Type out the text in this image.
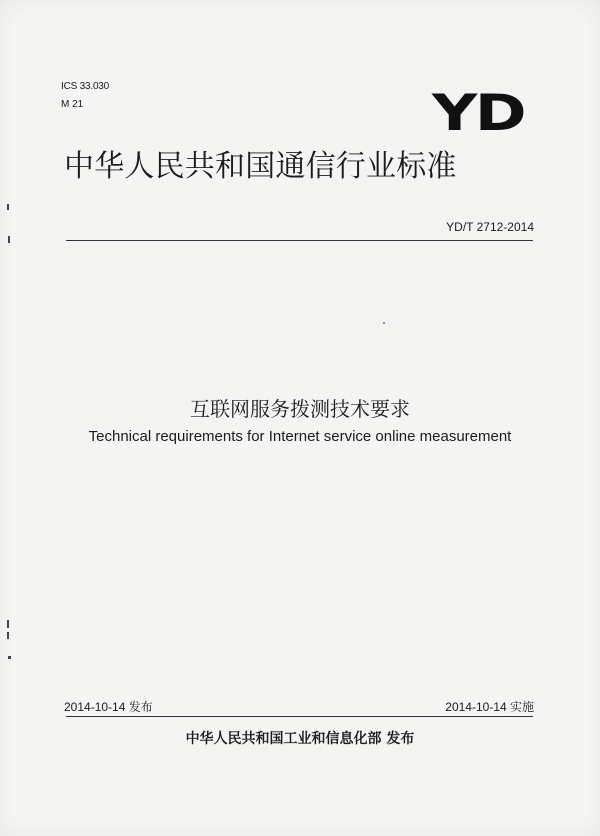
ICS 33.030
M 21	YD
中华人民共和国通信行业标准
YD/T 2712-2014
互联网服务拨测技术要求
Technical requirements for Internet service online measurement
2014-10-14 发布	2014-10-14 实施
中华人民共和国工业和信息化部 发布
